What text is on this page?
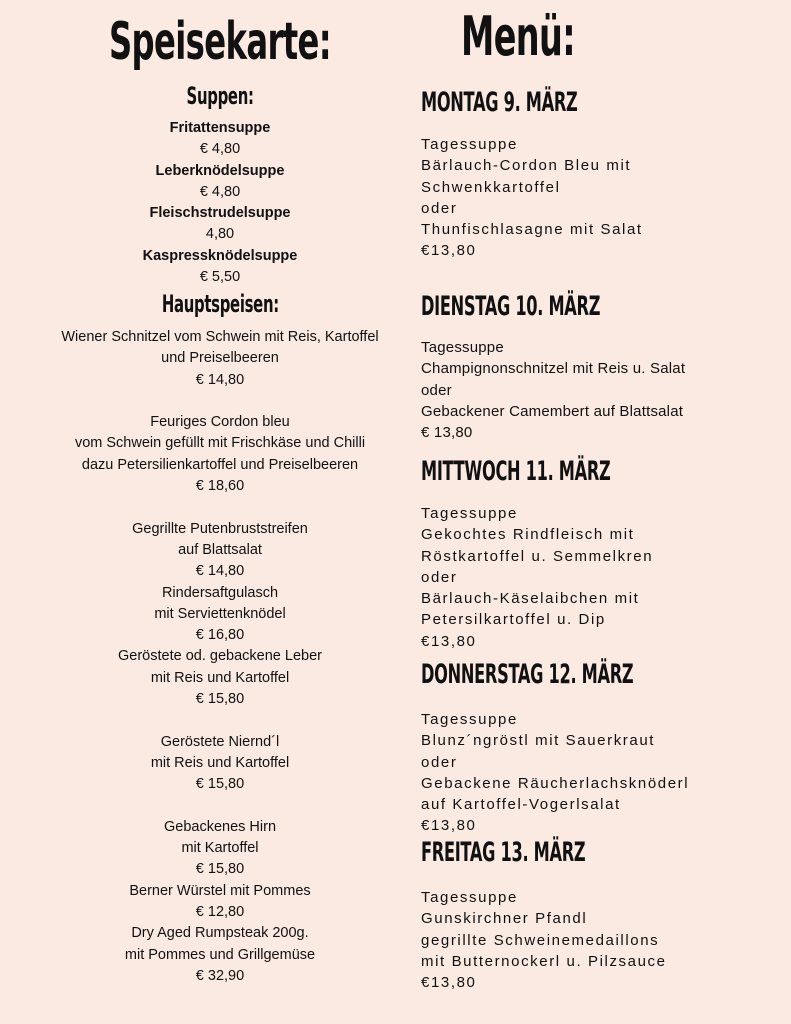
Speisekarte:
Suppen:
Fritattensuppe
€ 4,80
Leberknödelsuppe
€ 4,80
Fleischstrudelsuppe
4,80
Kaspressknödelsuppe
€ 5,50
Hauptspeisen:
Wiener Schnitzel vom Schwein mit Reis, Kartoffel
und Preiselbeeren
€ 14,80
Feuriges Cordon bleu
vom Schwein gefüllt mit Frischkäse und Chilli
dazu Petersilienkartoffel und Preiselbeeren
€ 18,60
Gegrillte Putenbruststreifen
auf Blattsalat
€ 14,80
Rindersaftgulasch
mit Serviettenknödel
€ 16,80
Geröstete od. gebackene Leber
mit Reis und Kartoffel
€ 15,80
Geröstete Niernd´l
mit Reis und Kartoffel
€ 15,80
Gebackenes Hirn
mit Kartoffel
€ 15,80
Berner Würstel mit Pommes
€ 12,80
Dry Aged Rumpsteak 200g.
mit Pommes und Grillgemüse
€ 32,90
Menü:
MONTAG 9. MÄRZ
Tagessuppe
Bärlauch-Cordon Bleu mit
Schwenkkartoffel
oder
Thunfischlasagne mit Salat
€13,80
DIENSTAG 10. MÄRZ
Tagessuppe
Champignonschnitzel mit Reis u. Salat
oder
Gebackener Camembert auf Blattsalat
€ 13,80
MITTWOCH 11. MÄRZ
Tagessuppe
Gekochtes Rindfleisch mit
Röstkartoffel u. Semmelkren
oder
Bärlauch-Käselaibchen mit
Petersilkartoffel u. Dip
€13,80
DONNERSTAG 12. MÄRZ
Tagessuppe
Blunz´ngröstl mit Sauerkraut
oder
Gebackene Räucherlachsknöderl
auf Kartoffel-Vogerlsalat
€13,80
FREITAG 13. MÄRZ
Tagessuppe
Gunskirchner Pfandl
gegrillte Schweinemedaillons
mit Butternockerl u. Pilzsauce
€13,80
